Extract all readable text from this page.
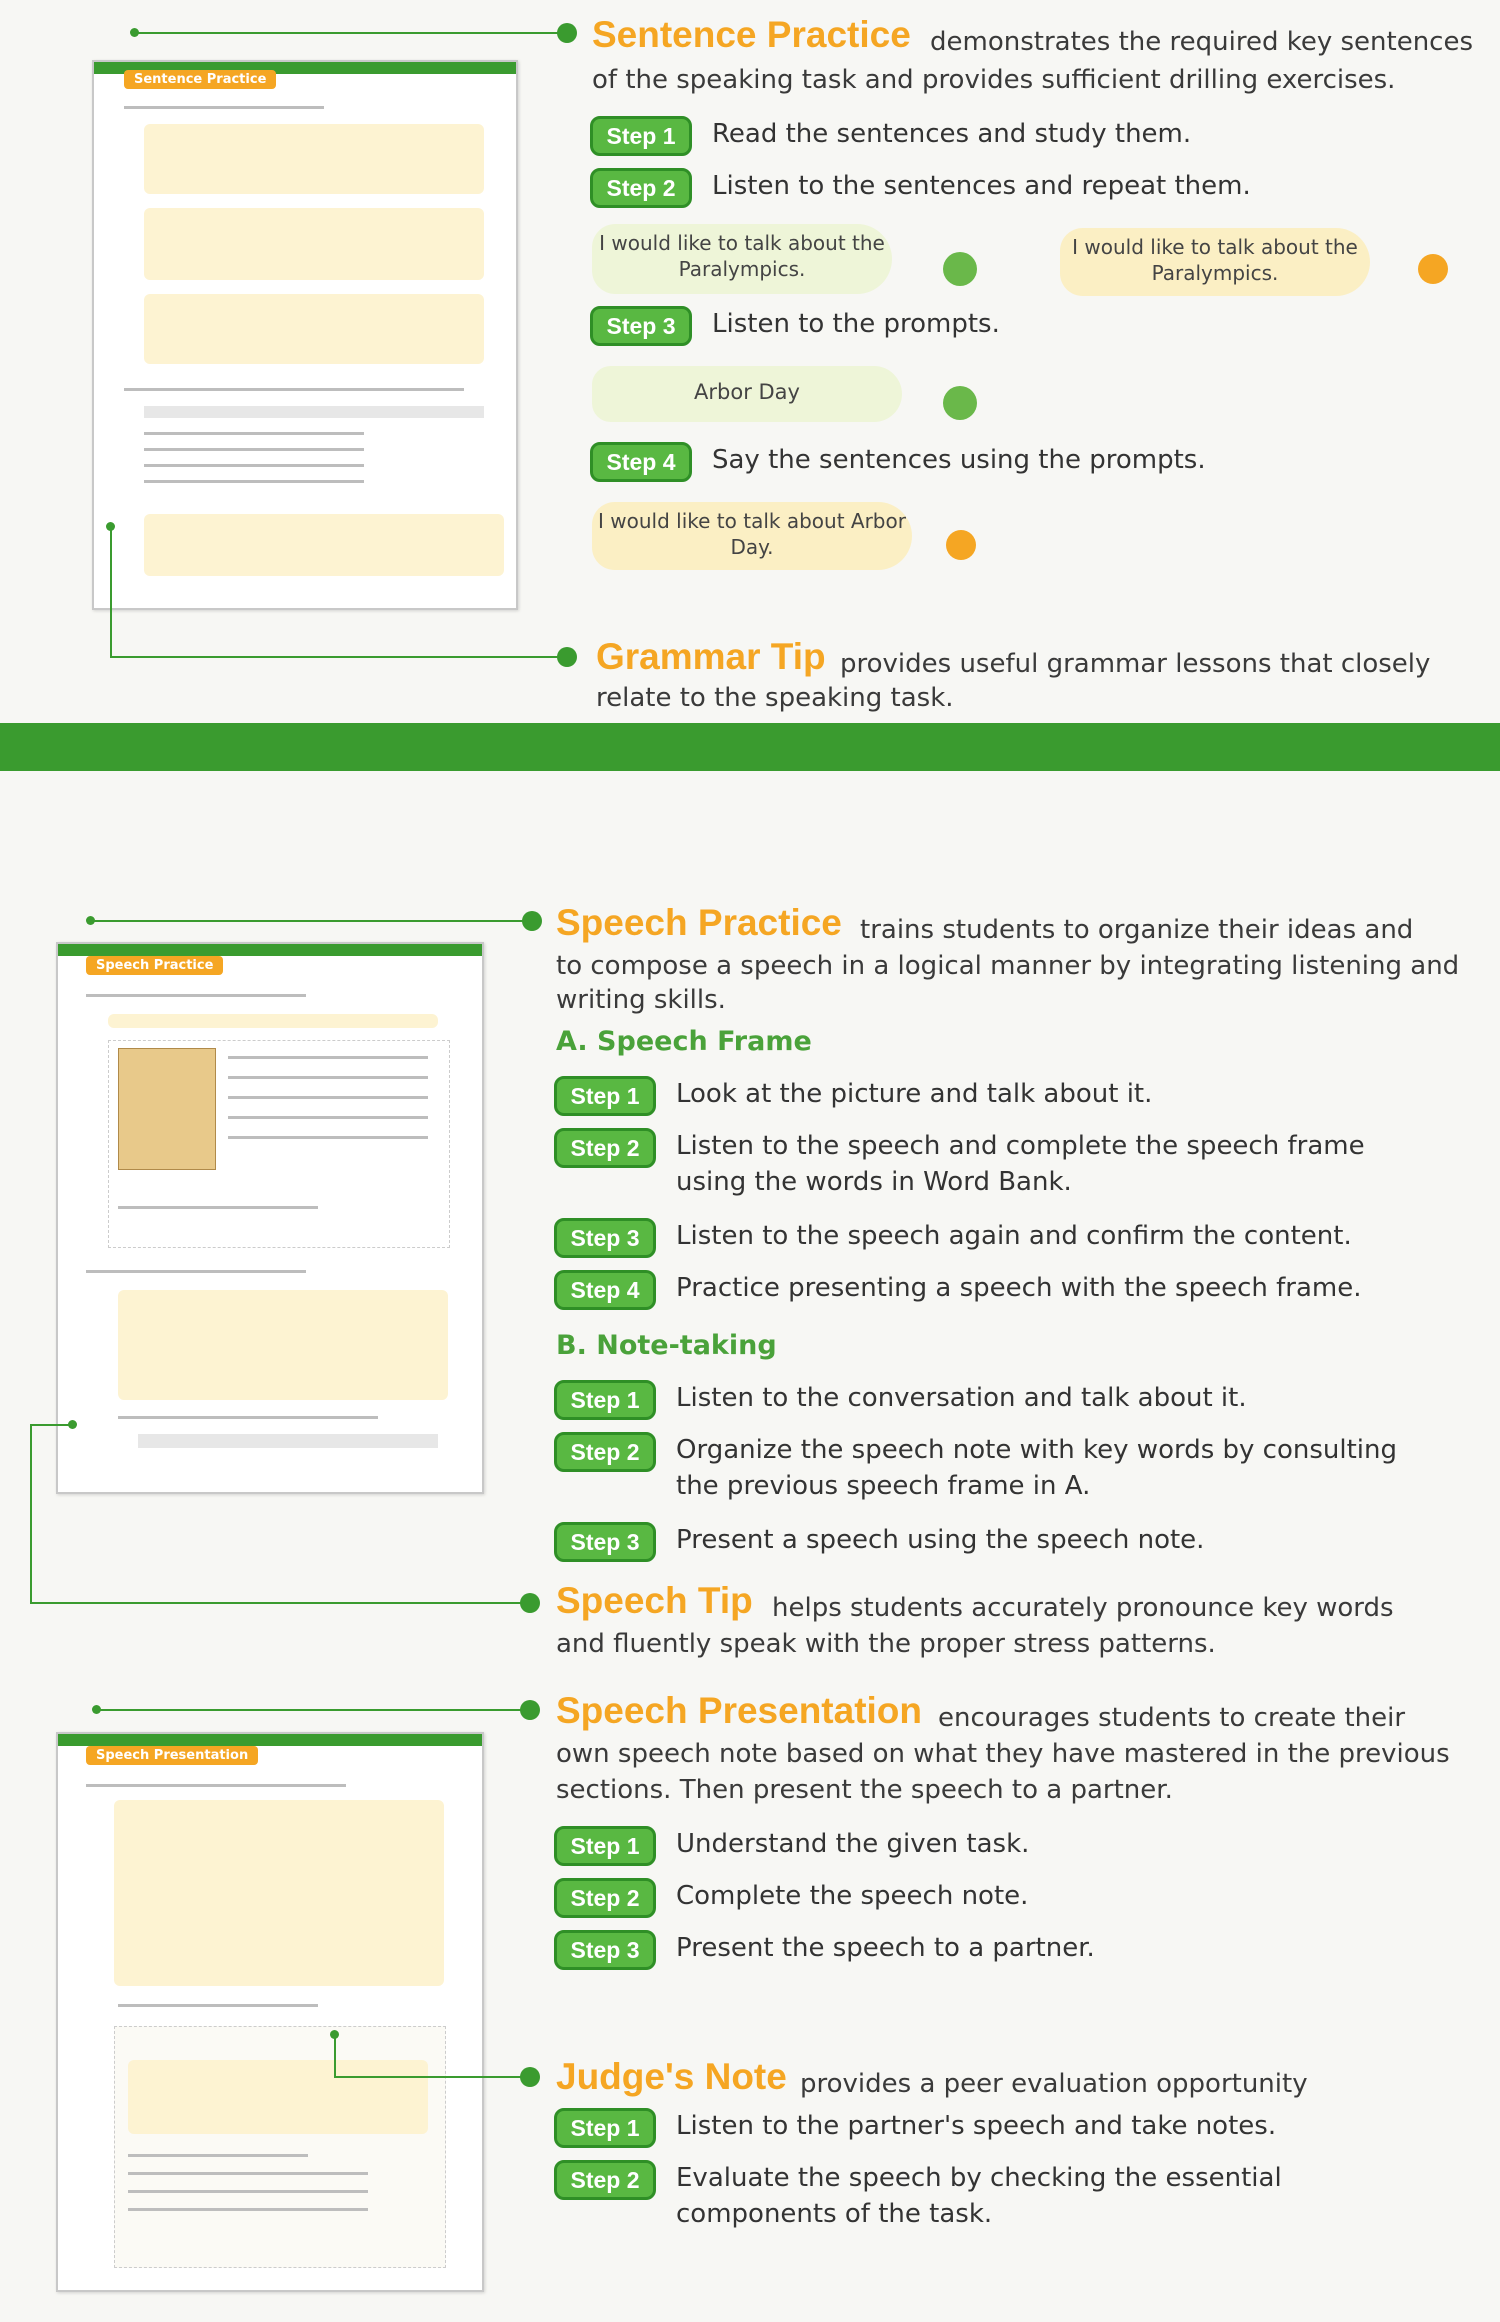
Sentence Practice demonstrates the required key sentences
of the speaking task and provides sufficient drilling exercises.
Sentence Practice
Step 1	Read the sentences and study them.
Step 2	Listen to the sentences and repeat them.
I would like to talk about the Paralympics.
I would like to talk about the Paralympics.
Step 3	Listen to the prompts.
Arbor Day
Step 4	Say the sentences using the prompts.
I would like to talk about Arbor Day.
Grammar Tip provides useful grammar lessons that closely
relate to the speaking task.
Speech Practice trains students to organize their ideas and
to compose a speech in a logical manner by integrating listening and
writing skills.
Speech Practice
A. Speech Frame
Step 1	Look at the picture and talk about it.
Step 2	Listen to the speech and complete the speech frame using the words in Word Bank.
Step 3	Listen to the speech again and confirm the content.
Step 4	Practice presenting a speech with the speech frame.
B. Note-taking
Step 1	Listen to the conversation and talk about it.
Step 2	Organize the speech note with key words by consulting the previous speech frame in A.
Step 3	Present a speech using the speech note.
Speech Tip helps students accurately pronounce key words
and fluently speak with the proper stress patterns.
Speech Presentation encourages students to create their
own speech note based on what they have mastered in the previous
sections. Then present the speech to a partner.
Speech Presentation
Step 1	Understand the given task.
Step 2	Complete the speech note.
Step 3	Present the speech to a partner.
Judge's Note provides a peer evaluation opportunity
Step 1	Listen to the partner's speech and take notes.
Step 2	Evaluate the speech by checking the essential components of the task.
